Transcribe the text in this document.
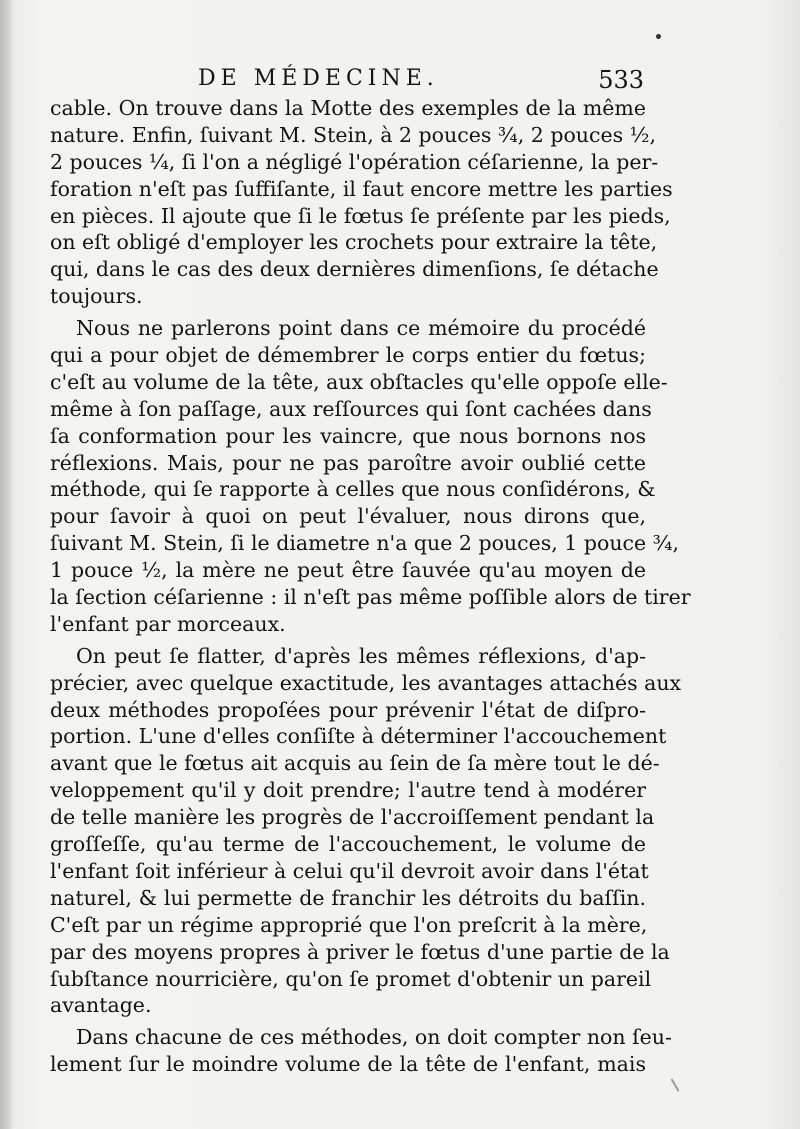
DE MÉDECINE.	533
cable. On trouve dans la Motte des exemples de la même
nature. Enfin, ſuivant M. Stein, à 2 pouces ¾, 2 pouces ½,
2 pouces ¼, ſi l'on a négligé l'opération céſarienne, la per-
foration n'eſt pas ſuffiſante, il faut encore mettre les parties
en pièces. Il ajoute que ſi le fœtus ſe préſente par les pieds,
on eſt obligé d'employer les crochets pour extraire la tête,
qui, dans le cas des deux dernières dimenſions, ſe détache
toujours.
Nous ne parlerons point dans ce mémoire du procédé
qui a pour objet de démembrer le corps entier du fœtus;
c'eſt au volume de la tête, aux obſtacles qu'elle oppoſe elle-
même à ſon paſſage, aux reſſources qui ſont cachées dans
ſa conformation pour les vaincre, que nous bornons nos
réflexions. Mais, pour ne pas paroître avoir oublié cette
méthode, qui ſe rapporte à celles que nous conſidérons, &
pour ſavoir à quoi on peut l'évaluer, nous dirons que,
ſuivant M. Stein, ſi le diametre n'a que 2 pouces, 1 pouce ¾,
1 pouce ½, la mère ne peut être ſauvée qu'au moyen de
la ſection céſarienne : il n'eſt pas même poſſible alors de tirer
l'enfant par morceaux.
On peut ſe flatter, d'après les mêmes réflexions, d'ap-
précier, avec quelque exactitude, les avantages attachés aux
deux méthodes propoſées pour prévenir l'état de diſpro-
portion. L'une d'elles conſiſte à déterminer l'accouchement
avant que le fœtus ait acquis au ſein de ſa mère tout le dé-
veloppement qu'il y doit prendre; l'autre tend à modérer
de telle manière les progrès de l'accroiſſement pendant la
groſſeſſe, qu'au terme de l'accouchement, le volume de
l'enfant ſoit inférieur à celui qu'il devroit avoir dans l'état
naturel, & lui permette de franchir les détroits du baſſin.
C'eſt par un régime approprié que l'on preſcrit à la mère,
par des moyens propres à priver le fœtus d'une partie de la
ſubſtance nourricière, qu'on ſe promet d'obtenir un pareil
avantage.
Dans chacune de ces méthodes, on doit compter non ſeu-
lement ſur le moindre volume de la tête de l'enfant, mais
